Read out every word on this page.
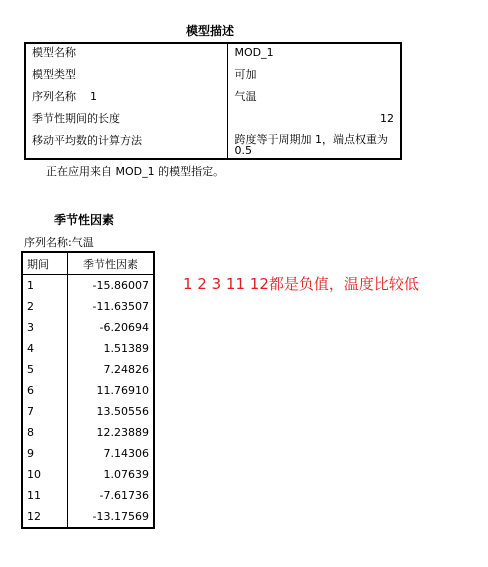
模型描述
模型名称	MOD_1
模型类型	可加
序列名称    1	气温
季节性期间的长度	12
移动平均数的计算方法	跨度等于周期加 1，端点权重为 0.5
正在应用来自 MOD_1 的模型指定。
季节性因素
序列名称:气温
期间	季节性因素
1	-15.86007
2	-11.63507
3	-6.20694
4	1.51389
5	7.24826
6	11.76910
7	13.50556
8	12.23889
9	7.14306
10	1.07639
11	-7.61736
12	-13.17569
1 2 3 11 12都是负值，温度比较低
